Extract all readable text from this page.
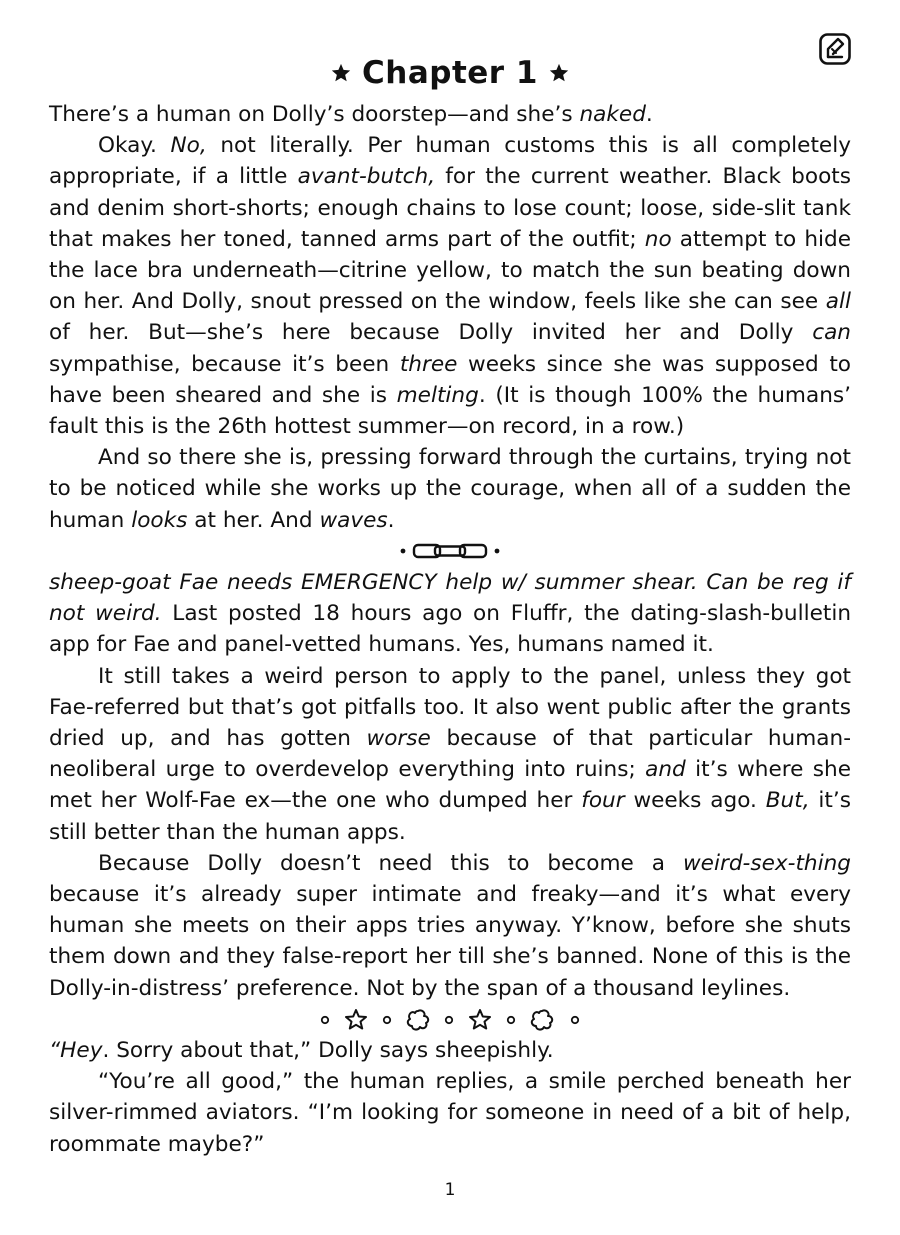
Chapter 1

There’s a human on Dolly’s doorstep—and she’s naked.

Okay. No, not literally. Per human customs this is all completely appropriate, if a little avant-butch, for the current weather. Black boots and denim short-shorts; enough chains to lose count; loose, side-slit tank that makes her toned, tanned arms part of the outfit; no attempt to hide the lace bra underneath—citrine yellow, to match the sun beating down on her. And Dolly, snout pressed on the window, feels like she can see all of her. But—she’s here because Dolly invited her and Dolly can sympathise, because it’s been three weeks since she was supposed to have been sheared and she is melting. (It is though 100% the humans’ fault this is the 26th hottest summer—on record, in a row.)

And so there she is, pressing forward through the curtains, trying not to be noticed while she works up the courage, when all of a sudden the human looks at her. And waves.

sheep-goat Fae needs EMERGENCY help w/ summer shear. Can be reg if not weird. Last posted 18 hours ago on Fluffr, the dating-slash-bulletin app for Fae and panel-vetted humans. Yes, humans named it.

It still takes a weird person to apply to the panel, unless they got Fae-referred but that’s got pitfalls too. It also went public after the grants dried up, and has gotten worse because of that particular human-neoliberal urge to overdevelop everything into ruins; and it’s where she met her Wolf-Fae ex—the one who dumped her four weeks ago. But, it’s still better than the human apps.

Because Dolly doesn’t need this to become a weird-sex-thing because it’s already super intimate and freaky—and it’s what every human she meets on their apps tries anyway. Y’know, before she shuts them down and they false-report her till she’s banned. None of this is the Dolly-in-distress’ preference. Not by the span of a thousand leylines.

“Hey. Sorry about that,” Dolly says sheepishly.

“You’re all good,” the human replies, a smile perched beneath her silver-rimmed aviators. “I’m looking for someone in need of a bit of help, roommate maybe?”

1
